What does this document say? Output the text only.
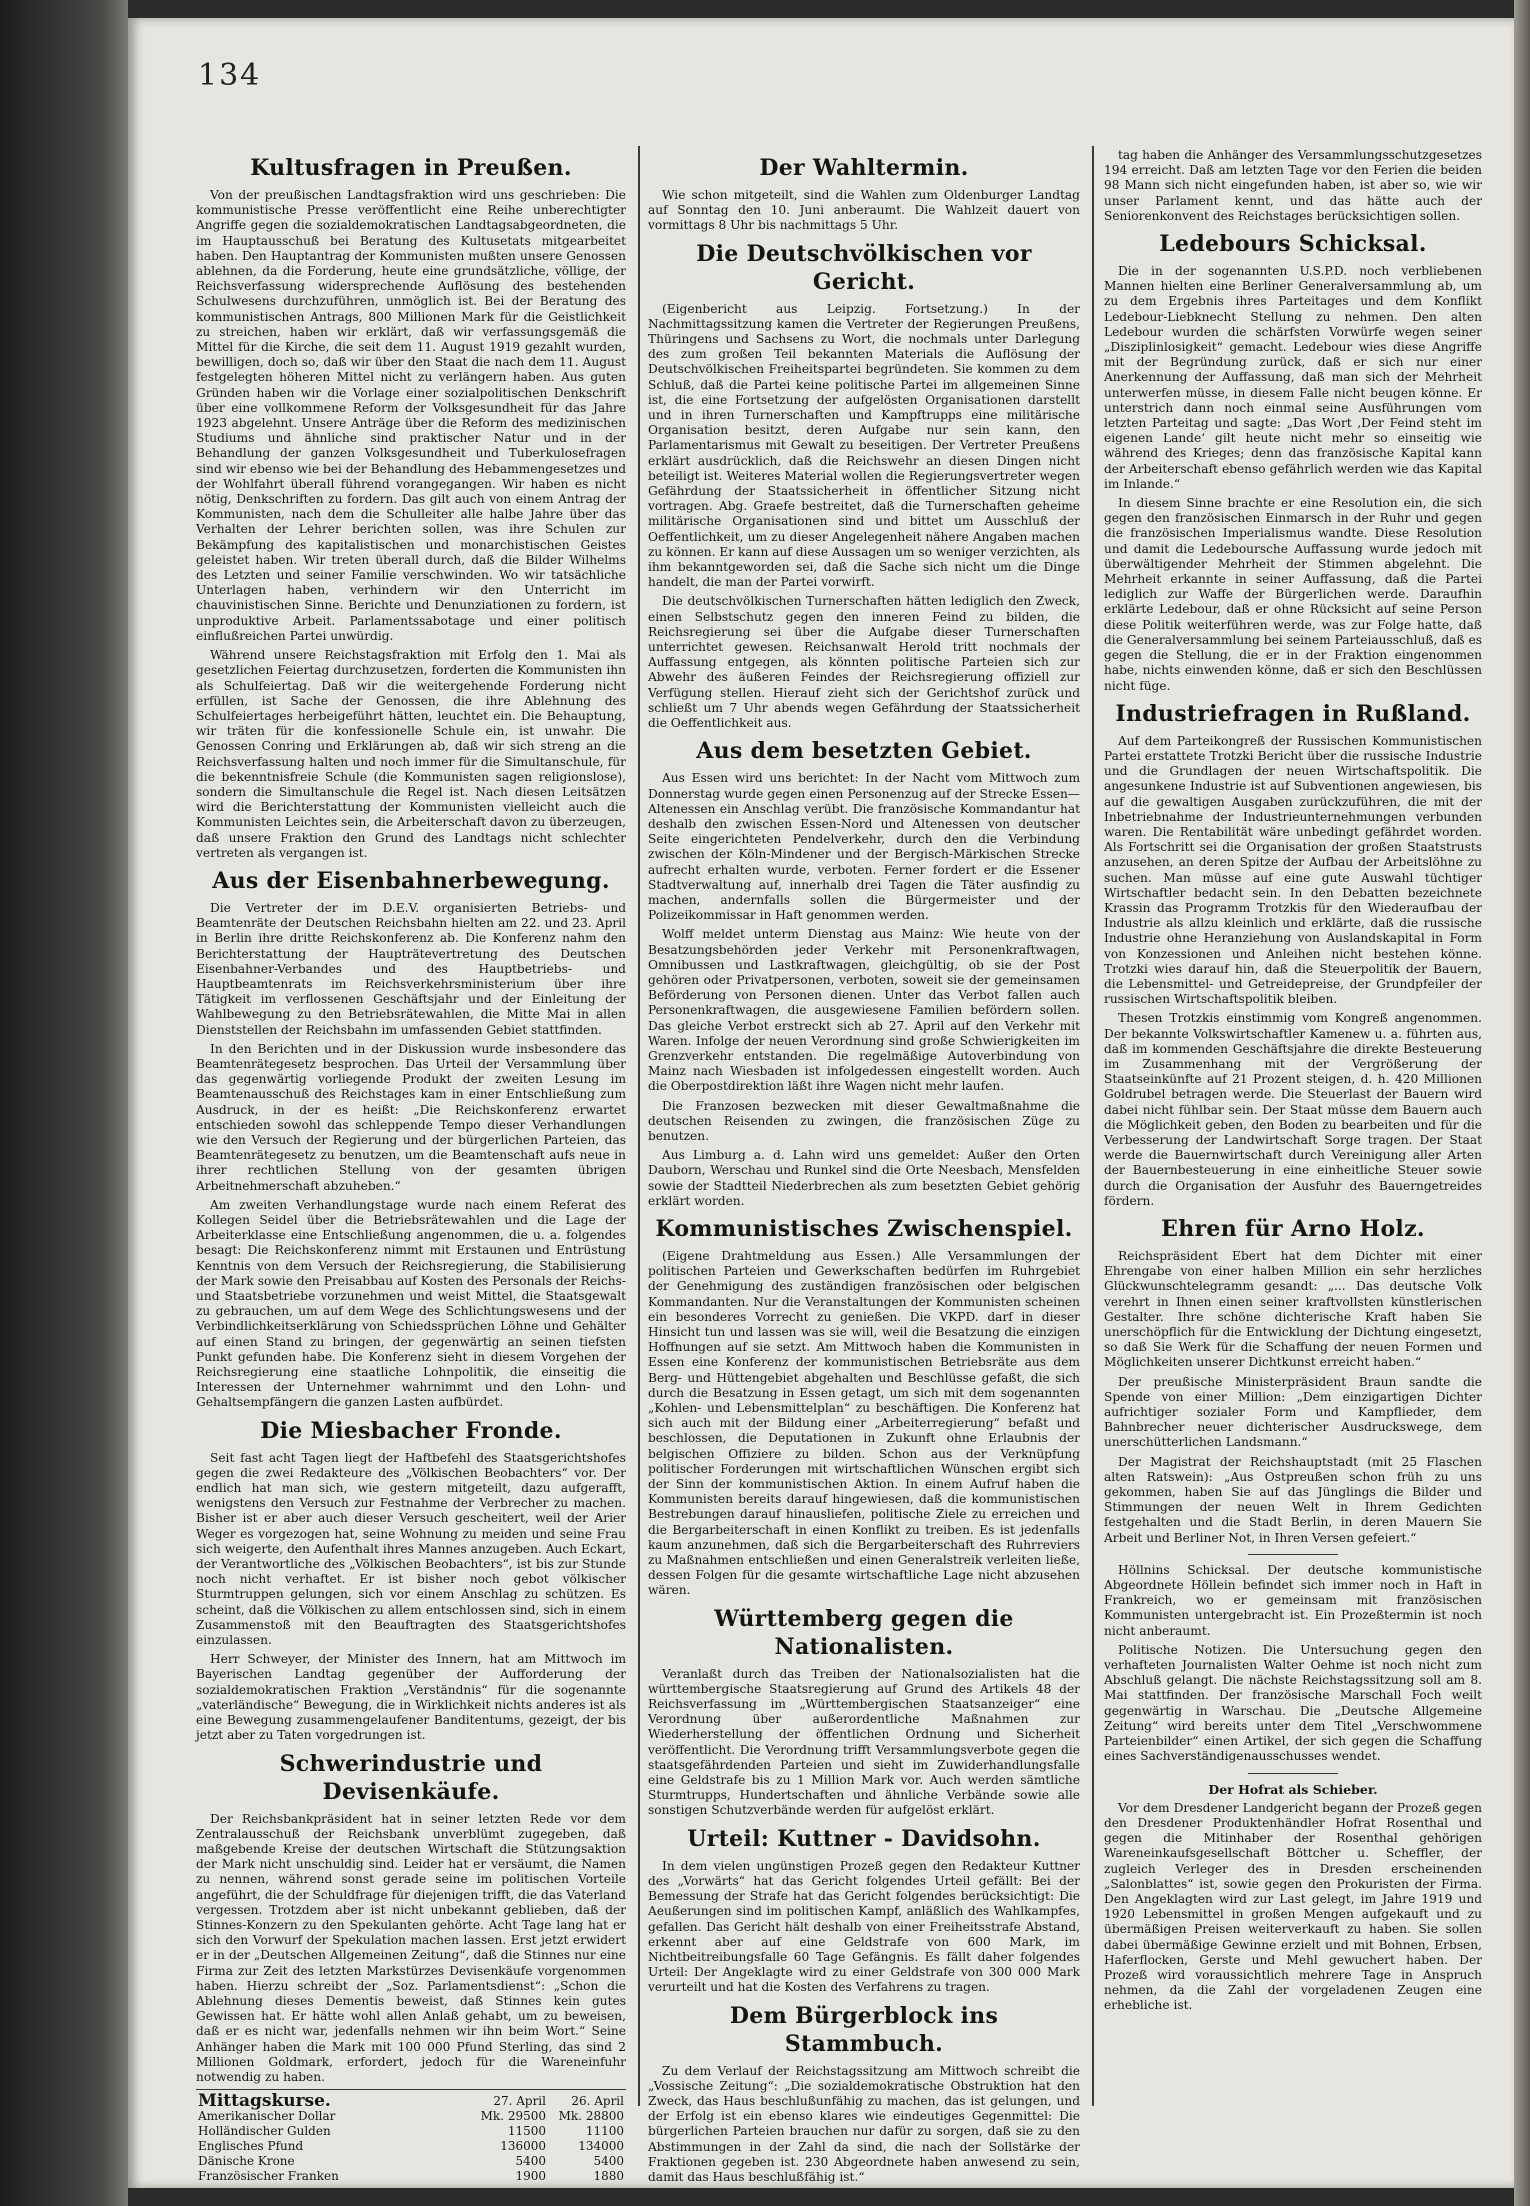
134
Kultusfragen in Preußen.

Von der preußischen Landtagsfraktion wird uns geschrieben: Die kommunistische Presse veröffentlicht eine Reihe unberechtigter Angriffe gegen die sozialdemokratischen Landtagsabgeordneten, die im Hauptausschuß bei Beratung des Kultusetats mitgearbeitet haben. Den Hauptantrag der Kommunisten mußten unsere Genossen ablehnen, da die Forderung, heute eine grundsätzliche, völlige, der Reichsverfassung widersprechende Auflösung des bestehenden Schulwesens durchzuführen, unmöglich ist. Bei der Beratung des kommunistischen Antrags, 800 Millionen Mark für die Geistlichkeit zu streichen, haben wir erklärt, daß wir verfassungsgemäß die Mittel für die Kirche, die seit dem 11. August 1919 gezahlt wurden, bewilligen, doch so, daß wir über den Staat die nach dem 11. August festgelegten höheren Mittel nicht zu verlängern haben. Aus guten Gründen haben wir die Vorlage einer sozialpolitischen Denkschrift über eine vollkommene Reform der Volksgesundheit für das Jahre 1923 abgelehnt. Unsere Anträge über die Reform des medizinischen Studiums und ähnliche sind praktischer Natur und in der Behandlung der ganzen Volksgesundheit und Tuberkulosefragen sind wir ebenso wie bei der Behandlung des Hebammengesetzes und der Wohlfahrt überall führend vorangegangen. Wir haben es nicht nötig, Denkschriften zu fordern. Das gilt auch von einem Antrag der Kommunisten, nach dem die Schulleiter alle halbe Jahre über das Verhalten der Lehrer berichten sollen, was ihre Schulen zur Bekämpfung des kapitalistischen und monarchistischen Geistes geleistet haben. Wir treten überall durch, daß die Bilder Wilhelms des Letzten und seiner Familie verschwinden. Wo wir tatsächliche Unterlagen haben, verhindern wir den Unterricht im chauvinistischen Sinne. Berichte und Denunziationen zu fordern, ist unproduktive Arbeit. Parlamentssabotage und einer politisch einflußreichen Partei unwürdig.

Während unsere Reichstagsfraktion mit Erfolg den 1. Mai als gesetzlichen Feiertag durchzusetzen, forderten die Kommunisten ihn als Schulfeiertag. Daß wir die weitergehende Forderung nicht erfüllen, ist Sache der Genossen, die ihre Ablehnung des Schulfeiertages herbeigeführt hätten, leuchtet ein. Die Behauptung, wir träten für die konfessionelle Schule ein, ist unwahr. Die Genossen Conring und Erklärungen ab, daß wir sich streng an die Reichsverfassung halten und noch immer für die Simultanschule, für die bekenntnisfreie Schule (die Kommunisten sagen religionslose), sondern die Simultanschule die Regel ist. Nach diesen Leitsätzen wird die Berichterstattung der Kommunisten vielleicht auch die Kommunisten Leichtes sein, die Arbeiterschaft davon zu überzeugen, daß unsere Fraktion den Grund des Landtags nicht schlechter vertreten als vergangen ist.

Aus der Eisenbahnerbewegung.

Die Vertreter der im D.E.V. organisierten Betriebs- und Beamtenräte der Deutschen Reichsbahn hielten am 22. und 23. April in Berlin ihre dritte Reichskonferenz ab. Die Konferenz nahm den Berichterstattung der Haupträtevertretung des Deutschen Eisenbahner-Verbandes und des Hauptbetriebs- und Hauptbeamtenrats im Reichsverkehrsministerium über ihre Tätigkeit im verflossenen Geschäftsjahr und der Einleitung der Wahlbewegung zu den Betriebsrätewahlen, die Mitte Mai in allen Dienststellen der Reichsbahn im umfassenden Gebiet stattfinden.

In den Berichten und in der Diskussion wurde insbesondere das Beamtenrätegesetz besprochen. Das Urteil der Versammlung über das gegenwärtig vorliegende Produkt der zweiten Lesung im Beamtenausschuß des Reichstages kam in einer Entschließung zum Ausdruck, in der es heißt: „Die Reichskonferenz erwartet entschieden sowohl das schleppende Tempo dieser Verhandlungen wie den Versuch der Regierung und der bürgerlichen Parteien, das Beamtenrätegesetz zu benutzen, um die Beamtenschaft aufs neue in ihrer rechtlichen Stellung von der gesamten übrigen Arbeitnehmerschaft abzuheben.“

Am zweiten Verhandlungstage wurde nach einem Referat des Kollegen Seidel über die Betriebsrätewahlen und die Lage der Arbeiterklasse eine Entschließung angenommen, die u. a. folgendes besagt: Die Reichskonferenz nimmt mit Erstaunen und Entrüstung Kenntnis von dem Versuch der Reichsregierung, die Stabilisierung der Mark sowie den Preisabbau auf Kosten des Personals der Reichs- und Staatsbetriebe vorzunehmen und weist Mittel, die Staatsgewalt zu gebrauchen, um auf dem Wege des Schlichtungswesens und der Verbindlichkeitserklärung von Schiedssprüchen Löhne und Gehälter auf einen Stand zu bringen, der gegenwärtig an seinen tiefsten Punkt gefunden habe. Die Konferenz sieht in diesem Vorgehen der Reichsregierung eine staatliche Lohnpolitik, die einseitig die Interessen der Unternehmer wahrnimmt und den Lohn- und Gehaltsempfängern die ganzen Lasten aufbürdet.

Die Miesbacher Fronde.

Seit fast acht Tagen liegt der Haftbefehl des Staatsgerichtshofes gegen die zwei Redakteure des „Völkischen Beobachters“ vor. Der endlich hat man sich, wie gestern mitgeteilt, dazu aufgerafft, wenigstens den Versuch zur Festnahme der Verbrecher zu machen. Bisher ist er aber auch dieser Versuch gescheitert, weil der Arier Weger es vorgezogen hat, seine Wohnung zu meiden und seine Frau sich weigerte, den Aufenthalt ihres Mannes anzugeben. Auch Eckart, der Verantwortliche des „Völkischen Beobachters“, ist bis zur Stunde noch nicht verhaftet. Er ist bisher noch gebot völkischer Sturmtruppen gelungen, sich vor einem Anschlag zu schützen. Es scheint, daß die Völkischen zu allem entschlossen sind, sich in einem Zusammenstoß mit den Beauftragten des Staatsgerichtshofes einzulassen.

Herr Schweyer, der Minister des Innern, hat am Mittwoch im Bayerischen Landtag gegenüber der Aufforderung der sozialdemokratischen Fraktion „Verständnis“ für die sogenannte „vaterländische“ Bewegung, die in Wirklichkeit nichts anderes ist als eine Bewegung zusammengelaufener Banditentums, gezeigt, der bis jetzt aber zu Taten vorgedrungen ist.

Schwerindustrie und Devisenkäufe.

Der Reichsbankpräsident hat in seiner letzten Rede vor dem Zentralausschuß der Reichsbank unverblümt zugegeben, daß maßgebende Kreise der deutschen Wirtschaft die Stützungsaktion der Mark nicht unschuldig sind. Leider hat er versäumt, die Namen zu nennen, während sonst gerade seine im politischen Vorteile angeführt, die der Schuldfrage für diejenigen trifft, die das Vaterland vergessen. Trotzdem aber ist nicht unbekannt geblieben, daß der Stinnes-Konzern zu den Spekulanten gehörte. Acht Tage lang hat er sich den Vorwurf der Spekulation machen lassen. Erst jetzt erwidert er in der „Deutschen Allgemeinen Zeitung“, daß die Stinnes nur eine Firma zur Zeit des letzten Markstürzes Devisenkäufe vorgenommen haben. Hierzu schreibt der „Soz. Parlamentsdienst“: „Schon die Ablehnung dieses Dementis beweist, daß Stinnes kein gutes Gewissen hat. Er hätte wohl allen Anlaß gehabt, um zu beweisen, daß er es nicht war, jedenfalls nehmen wir ihn beim Wort.“ Seine Anhänger haben die Mark mit 100 000 Pfund Sterling, das sind 2 Millionen Goldmark, erfordert, jedoch für die Wareneinfuhr notwendig zu haben.

Mittagskurse.	27. April	26. April
Amerikanischer Dollar	Mk. 29500	Mk. 28800
Holländischer Gulden	11500	11100
Englisches Pfund	136000	134000
Dänische Krone	5400	5400
Französischer Franken	1900	1880
Der Wahltermin.

Wie schon mitgeteilt, sind die Wahlen zum Oldenburger Landtag auf Sonntag den 10. Juni anberaumt. Die Wahlzeit dauert von vormittags 8 Uhr bis nachmittags 5 Uhr.

Die Deutschvölkischen vor Gericht.

(Eigenbericht aus Leipzig. Fortsetzung.) In der Nachmittagssitzung kamen die Vertreter der Regierungen Preußens, Thüringens und Sachsens zu Wort, die nochmals unter Darlegung des zum großen Teil bekannten Materials die Auflösung der Deutschvölkischen Freiheitspartei begründeten. Sie kommen zu dem Schluß, daß die Partei keine politische Partei im allgemeinen Sinne ist, die eine Fortsetzung der aufgelösten Organisationen darstellt und in ihren Turnerschaften und Kampftrupps eine militärische Organisation besitzt, deren Aufgabe nur sein kann, den Parlamentarismus mit Gewalt zu beseitigen. Der Vertreter Preußens erklärt ausdrücklich, daß die Reichswehr an diesen Dingen nicht beteiligt ist. Weiteres Material wollen die Regierungsvertreter wegen Gefährdung der Staatssicherheit in öffentlicher Sitzung nicht vortragen. Abg. Graefe bestreitet, daß die Turnerschaften geheime militärische Organisationen sind und bittet um Ausschluß der Oeffentlichkeit, um zu dieser Angelegenheit nähere Angaben machen zu können. Er kann auf diese Aussagen um so weniger verzichten, als ihm bekanntgeworden sei, daß die Sache sich nicht um die Dinge handelt, die man der Partei vorwirft.

Die deutschvölkischen Turnerschaften hätten lediglich den Zweck, einen Selbstschutz gegen den inneren Feind zu bilden, die Reichsregierung sei über die Aufgabe dieser Turnerschaften unterrichtet gewesen. Reichsanwalt Herold tritt nochmals der Auffassung entgegen, als könnten politische Parteien sich zur Abwehr des äußeren Feindes der Reichsregierung offiziell zur Verfügung stellen. Hierauf zieht sich der Gerichtshof zurück und schließt um 7 Uhr abends wegen Gefährdung der Staatssicherheit die Oeffentlichkeit aus.

Aus dem besetzten Gebiet.

Aus Essen wird uns berichtet: In der Nacht vom Mittwoch zum Donnerstag wurde gegen einen Personenzug auf der Strecke Essen—Altenessen ein Anschlag verübt. Die französische Kommandantur hat deshalb den zwischen Essen-Nord und Altenessen von deutscher Seite eingerichteten Pendelverkehr, durch den die Verbindung zwischen der Köln-Mindener und der Bergisch-Märkischen Strecke aufrecht erhalten wurde, verboten. Ferner fordert er die Essener Stadtverwaltung auf, innerhalb drei Tagen die Täter ausfindig zu machen, andernfalls sollen die Bürgermeister und der Polizeikommissar in Haft genommen werden.

Wolff meldet unterm Dienstag aus Mainz: Wie heute von der Besatzungsbehörden jeder Verkehr mit Personenkraftwagen, Omnibussen und Lastkraftwagen, gleichgültig, ob sie der Post gehören oder Privatpersonen, verboten, soweit sie der gemeinsamen Beförderung von Personen dienen. Unter das Verbot fallen auch Personenkraftwagen, die ausgewiesene Familien befördern sollen. Das gleiche Verbot erstreckt sich ab 27. April auf den Verkehr mit Waren. Infolge der neuen Verordnung sind große Schwierigkeiten im Grenzverkehr entstanden. Die regelmäßige Autoverbindung von Mainz nach Wiesbaden ist infolgedessen eingestellt worden. Auch die Oberpostdirektion läßt ihre Wagen nicht mehr laufen.

Die Franzosen bezwecken mit dieser Gewaltmaßnahme die deutschen Reisenden zu zwingen, die französischen Züge zu benutzen.

Aus Limburg a. d. Lahn wird uns gemeldet: Außer den Orten Dauborn, Werschau und Runkel sind die Orte Neesbach, Mensfelden sowie der Stadtteil Niederbrechen als zum besetzten Gebiet gehörig erklärt worden.

Kommunistisches Zwischenspiel.

(Eigene Drahtmeldung aus Essen.) Alle Versammlungen der politischen Parteien und Gewerkschaften bedürfen im Ruhrgebiet der Genehmigung des zuständigen französischen oder belgischen Kommandanten. Nur die Veranstaltungen der Kommunisten scheinen ein besonderes Vorrecht zu genießen. Die VKPD. darf in dieser Hinsicht tun und lassen was sie will, weil die Besatzung die einzigen Hoffnungen auf sie setzt. Am Mittwoch haben die Kommunisten in Essen eine Konferenz der kommunistischen Betriebsräte aus dem Berg- und Hüttengebiet abgehalten und Beschlüsse gefaßt, die sich durch die Besatzung in Essen getagt, um sich mit dem sogenannten „Kohlen- und Lebensmittelplan“ zu beschäftigen. Die Konferenz hat sich auch mit der Bildung einer „Arbeiterregierung“ befaßt und beschlossen, die Deputationen in Zukunft ohne Erlaubnis der belgischen Offiziere zu bilden. Schon aus der Verknüpfung politischer Forderungen mit wirtschaftlichen Wünschen ergibt sich der Sinn der kommunistischen Aktion. In einem Aufruf haben die Kommunisten bereits darauf hingewiesen, daß die kommunistischen Bestrebungen darauf hinausliefen, politische Ziele zu erreichen und die Bergarbeiterschaft in einen Konflikt zu treiben. Es ist jedenfalls kaum anzunehmen, daß sich die Bergarbeiterschaft des Ruhrreviers zu Maßnahmen entschließen und einen Generalstreik verleiten ließe, dessen Folgen für die gesamte wirtschaftliche Lage nicht abzusehen wären.

Württemberg gegen die Nationalisten.

Veranlaßt durch das Treiben der Nationalsozialisten hat die württembergische Staatsregierung auf Grund des Artikels 48 der Reichsverfassung im „Württembergischen Staatsanzeiger“ eine Verordnung über außerordentliche Maßnahmen zur Wiederherstellung der öffentlichen Ordnung und Sicherheit veröffentlicht. Die Verordnung trifft Versammlungsverbote gegen die staatsgefährdenden Parteien und sieht im Zuwiderhandlungsfalle eine Geldstrafe bis zu 1 Million Mark vor. Auch werden sämtliche Sturmtrupps, Hundertschaften und ähnliche Verbände sowie alle sonstigen Schutzverbände werden für aufgelöst erklärt.

Urteil: Kuttner - Davidsohn.

In dem vielen ungünstigen Prozeß gegen den Redakteur Kuttner des „Vorwärts“ hat das Gericht folgendes Urteil gefällt: Bei der Bemessung der Strafe hat das Gericht folgendes berücksichtigt: Die Aeußerungen sind im politischen Kampf, anläßlich des Wahlkampfes, gefallen. Das Gericht hält deshalb von einer Freiheitsstrafe Abstand, erkennt aber auf eine Geldstrafe von 600 Mark, im Nichtbeitreibungsfalle 60 Tage Gefängnis. Es fällt daher folgendes Urteil: Der Angeklagte wird zu einer Geldstrafe von 300 000 Mark verurteilt und hat die Kosten des Verfahrens zu tragen.

Dem Bürgerblock ins Stammbuch.

Zu dem Verlauf der Reichstagssitzung am Mittwoch schreibt die „Vossische Zeitung“: „Die sozialdemokratische Obstruktion hat den Zweck, das Haus beschlußunfähig zu machen, das ist gelungen, und der Erfolg ist ein ebenso klares wie eindeutiges Gegenmittel: Die bürgerlichen Parteien brauchen nur dafür zu sorgen, daß sie zu den Abstimmungen in der Zahl da sind, die nach der Sollstärke der Fraktionen gegeben ist. 230 Abgeordnete haben anwesend zu sein, damit das Haus beschlußfähig ist.“

tag haben die Anhänger des Versammlungsschutzgesetzes 194 erreicht. Daß am letzten Tage vor den Ferien die beiden 98 Mann sich nicht eingefunden haben, ist aber so, wie wir unser Parlament kennt, und das hätte auch der Seniorenkonvent des Reichstages berücksichtigen sollen.

Ledebours Schicksal.

Die in der sogenannten U.S.P.D. noch verbliebenen Mannen hielten eine Berliner Generalversammlung ab, um zu dem Ergebnis ihres Parteitages und dem Konflikt Ledebour-Liebknecht Stellung zu nehmen. Den alten Ledebour wurden die schärfsten Vorwürfe wegen seiner „Disziplinlosigkeit“ gemacht. Ledebour wies diese Angriffe mit der Begründung zurück, daß er sich nur einer Anerkennung der Auffassung, daß man sich der Mehrheit unterwerfen müsse, in diesem Falle nicht beugen könne. Er unterstrich dann noch einmal seine Ausführungen vom letzten Parteitag und sagte: „Das Wort ‚Der Feind steht im eigenen Lande‘ gilt heute nicht mehr so einseitig wie während des Krieges; denn das französische Kapital kann der Arbeiterschaft ebenso gefährlich werden wie das Kapital im Inlande.“

In diesem Sinne brachte er eine Resolution ein, die sich gegen den französischen Einmarsch in der Ruhr und gegen die französischen Imperialismus wandte. Diese Resolution und damit die Ledeboursche Auffassung wurde jedoch mit überwältigender Mehrheit der Stimmen abgelehnt. Die Mehrheit erkannte in seiner Auffassung, daß die Partei lediglich zur Waffe der Bürgerlichen werde. Daraufhin erklärte Ledebour, daß er ohne Rücksicht auf seine Person diese Politik weiterführen werde, was zur Folge hatte, daß die Generalversammlung bei seinem Parteiausschluß, daß es gegen die Stellung, die er in der Fraktion eingenommen habe, nichts einwenden könne, daß er sich den Beschlüssen nicht füge.

Industriefragen in Rußland.

Auf dem Parteikongreß der Russischen Kommunistischen Partei erstattete Trotzki Bericht über die russische Industrie und die Grundlagen der neuen Wirtschaftspolitik. Die angesunkene Industrie ist auf Subventionen angewiesen, bis auf die gewaltigen Ausgaben zurückzuführen, die mit der Inbetriebnahme der Industrieunternehmungen verbunden waren. Die Rentabilität wäre unbedingt gefährdet worden. Als Fortschritt sei die Organisation der großen Staatstrusts anzusehen, an deren Spitze der Aufbau der Arbeitslöhne zu suchen. Man müsse auf eine gute Auswahl tüchtiger Wirtschaftler bedacht sein. In den Debatten bezeichnete Krassin das Programm Trotzkis für den Wiederaufbau der Industrie als allzu kleinlich und erklärte, daß die russische Industrie ohne Heranziehung von Auslandskapital in Form von Konzessionen und Anleihen nicht bestehen könne. Trotzki wies darauf hin, daß die Steuerpolitik der Bauern, die Lebensmittel- und Getreidepreise, der Grundpfeiler der russischen Wirtschaftspolitik bleiben.

Thesen Trotzkis einstimmig vom Kongreß angenommen. Der bekannte Volkswirtschaftler Kamenew u. a. führten aus, daß im kommenden Geschäftsjahre die direkte Besteuerung im Zusammenhang mit der Vergrößerung der Staatseinkünfte auf 21 Prozent steigen, d. h. 420 Millionen Goldrubel betragen werde. Die Steuerlast der Bauern wird dabei nicht fühlbar sein. Der Staat müsse dem Bauern auch die Möglichkeit geben, den Boden zu bearbeiten und für die Verbesserung der Landwirtschaft Sorge tragen. Der Staat werde die Bauernwirtschaft durch Vereinigung aller Arten der Bauernbesteuerung in eine einheitliche Steuer sowie durch die Organisation der Ausfuhr des Bauerngetreides fördern.

Ehren für Arno Holz.

Reichspräsident Ebert hat dem Dichter mit einer Ehrengabe von einer halben Million ein sehr herzliches Glückwunschtelegramm gesandt: „... Das deutsche Volk verehrt in Ihnen einen seiner kraftvollsten künstlerischen Gestalter. Ihre schöne dichterische Kraft haben Sie unerschöpflich für die Entwicklung der Dichtung eingesetzt, so daß Sie Werk für die Schaffung der neuen Formen und Möglichkeiten unserer Dichtkunst erreicht haben.“

Der preußische Ministerpräsident Braun sandte die Spende von einer Million: „Dem einzigartigen Dichter aufrichtiger sozialer Form und Kampflieder, dem Bahnbrecher neuer dichterischer Ausdruckswege, dem unerschütterlichen Landsmann.“

Der Magistrat der Reichshauptstadt (mit 25 Flaschen alten Ratswein): „Aus Ostpreußen schon früh zu uns gekommen, haben Sie auf das Jünglings die Bilder und Stimmungen der neuen Welt in Ihrem Gedichten festgehalten und die Stadt Berlin, in deren Mauern Sie Arbeit und Berliner Not, in Ihren Versen gefeiert.“

Höllnins Schicksal. Der deutsche kommunistische Abgeordnete Höllein befindet sich immer noch in Haft in Frankreich, wo er gemeinsam mit französischen Kommunisten untergebracht ist. Ein Prozeßtermin ist noch nicht anberaumt.

Politische Notizen. Die Untersuchung gegen den verhafteten Journalisten Walter Oehme ist noch nicht zum Abschluß gelangt. Die nächste Reichstagssitzung soll am 8. Mai stattfinden. Der französische Marschall Foch weilt gegenwärtig in Warschau. Die „Deutsche Allgemeine Zeitung“ wird bereits unter dem Titel „Verschwommene Parteienbilder“ einen Artikel, der sich gegen die Schaffung eines Sachverständigenausschusses wendet.

Der Hofrat als Schieber.

Vor dem Dresdener Landgericht begann der Prozeß gegen den Dresdener Produktenhändler Hofrat Rosenthal und gegen die Mitinhaber der Rosenthal gehörigen Wareneinkaufsgesellschaft Böttcher u. Scheffler, der zugleich Verleger des in Dresden erscheinenden „Salonblattes“ ist, sowie gegen den Prokuristen der Firma. Den Angeklagten wird zur Last gelegt, im Jahre 1919 und 1920 Lebensmittel in großen Mengen aufgekauft und zu übermäßigen Preisen weiterverkauft zu haben. Sie sollen dabei übermäßige Gewinne erzielt und mit Bohnen, Erbsen, Haferflocken, Gerste und Mehl gewuchert haben. Der Prozeß wird voraussichtlich mehrere Tage in Anspruch nehmen, da die Zahl der vorgeladenen Zeugen eine erhebliche ist.
